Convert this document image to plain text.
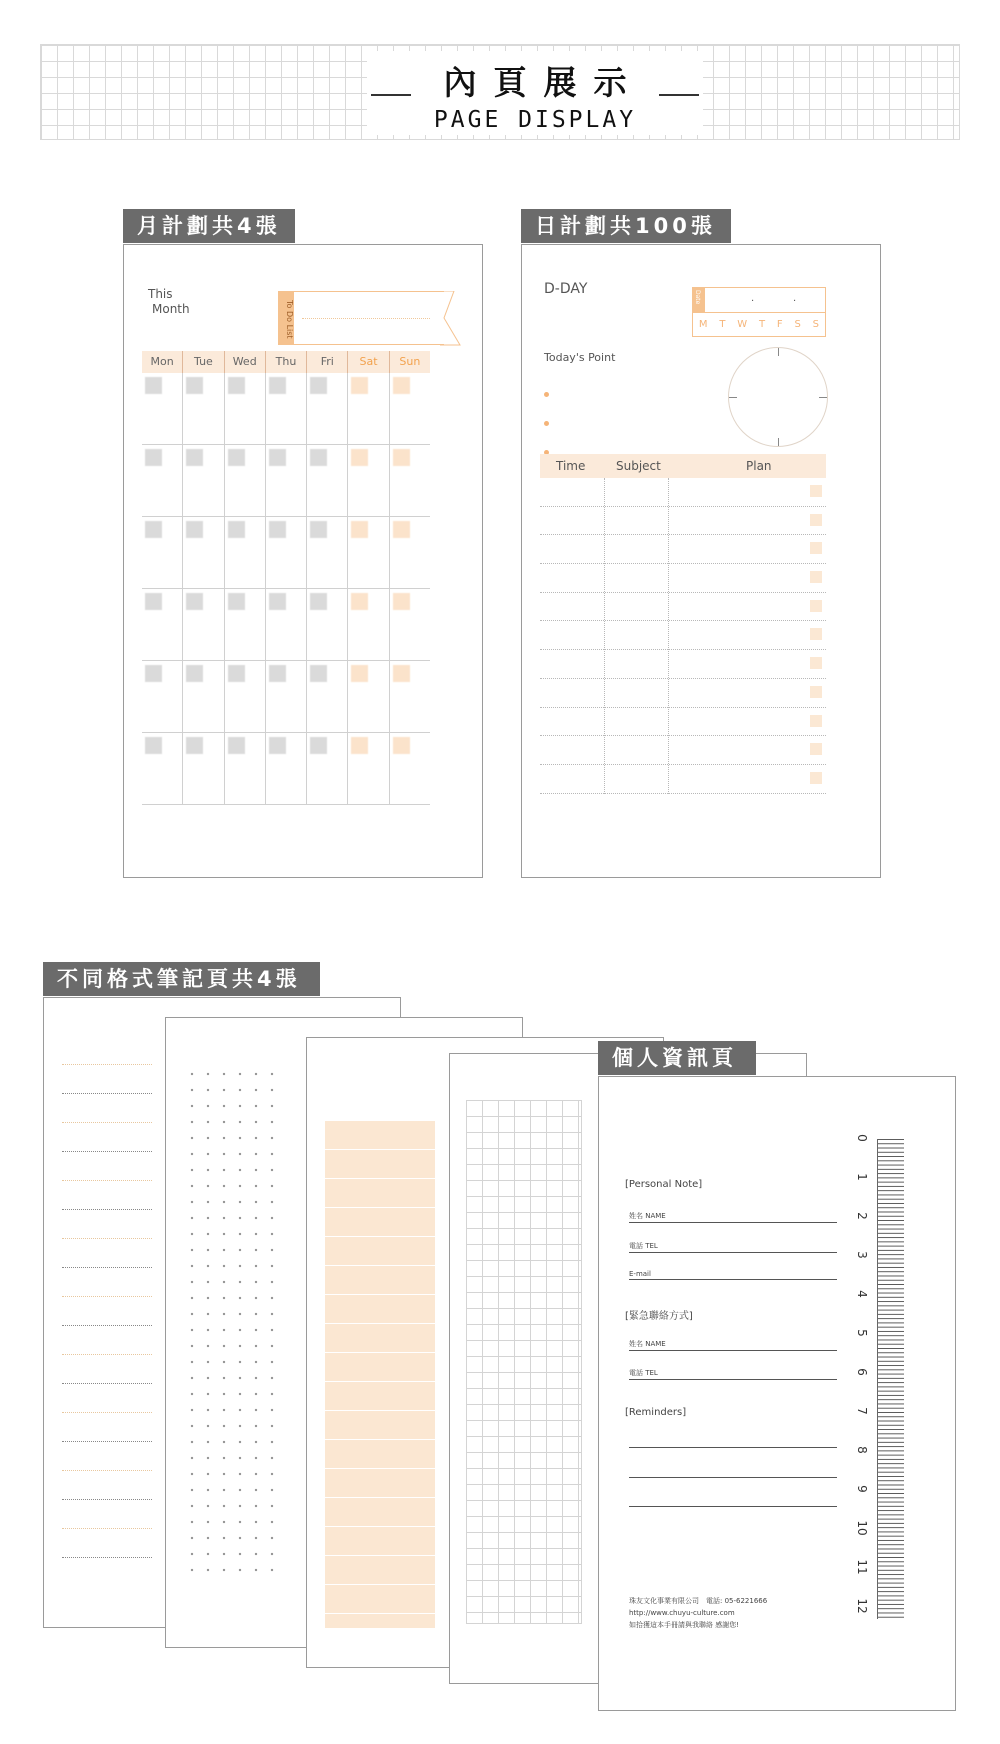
內頁展示
PAGE DISPLAY
月計劃共4張
This
Month	To Do List
Mon	Tue	Wed	Thu	Fri	Sat	Sun
日計劃共100張
D-DAY
Date	·	·
M T W T F S S
Today's Point
Time	Subject	Plan
不同格式筆記頁共4張
個人資訊頁
[Personal Note]
姓名 NAME
電話 TEL
E-mail
[緊急聯絡方式]
姓名 NAME
電話 TEL
[Reminders]
珠友文化事業有限公司　電話: 05-6221666
http://www.chuyu-culture.com
如拾獲這本手冊請與我聯絡 感謝您!
0
1
2
3
4
5
6
7
8
9
10
11
12
